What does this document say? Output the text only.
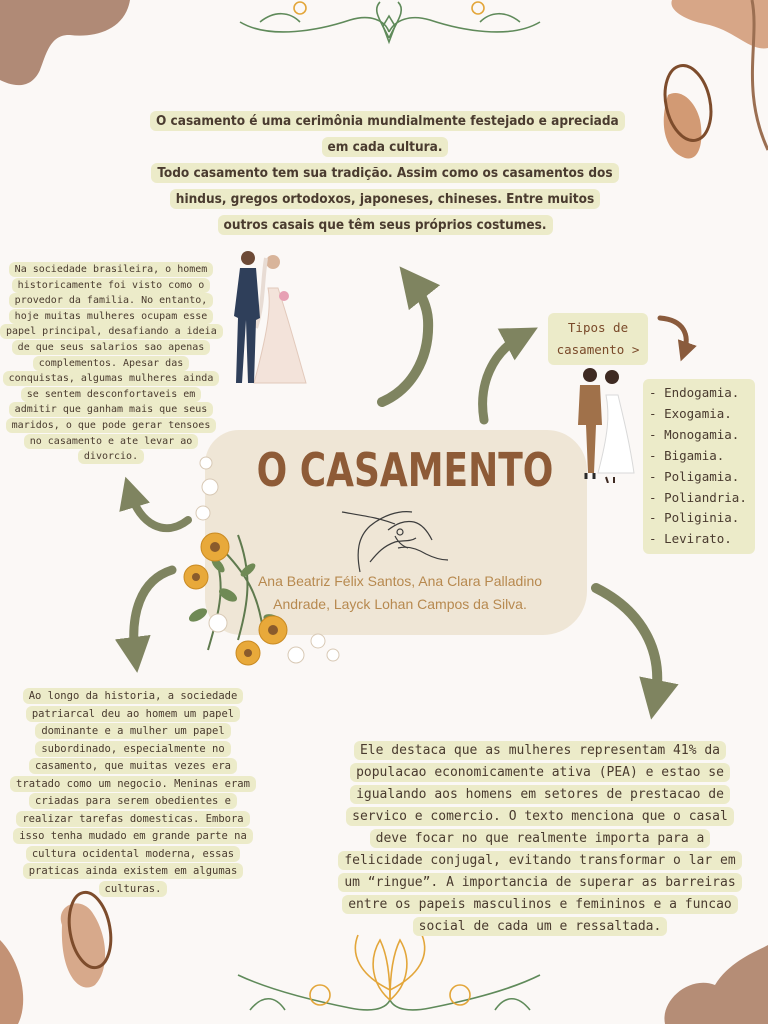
O casamento é uma cerimônia mundialmente festejado e apreciada em cada cultura.
Todo casamento tem sua tradição. Assim como os casamentos dos hindus, gregos ortodoxos, japoneses, chineses. Entre muitos outros casais que têm seus próprios costumes.
Na sociedade brasileira, o homem historicamente foi visto como o provedor da familia. No entanto, hoje muitas mulheres ocupam esse papel principal, desafiando a ideia de que seus salarios sao apenas complementos. Apesar das conquistas, algumas mulheres ainda se sentem desconfortaveis em admitir que ganham mais que seus maridos, o que pode gerar tensoes no casamento e ate levar ao divorcio.
Tipos de casamento >
- Endogamia.
- Exogamia.
- Monogamia.
- Bigamia.
- Poligamia.
- Poliandria.
- Poliginia.
- Levirato.
O CASAMENTO
Ana Beatriz Félix Santos, Ana Clara Palladino Andrade, Layck Lohan Campos da Silva.
Ao longo da historia, a sociedade patriarcal deu ao homem um papel dominante e a mulher um papel subordinado, especialmente no casamento, que muitas vezes era tratado como um negocio. Meninas eram criadas para serem obedientes e realizar tarefas domesticas. Embora isso tenha mudado em grande parte na cultura ocidental moderna, essas praticas ainda existem em algumas culturas.
Ele destaca que as mulheres representam 41% da populacao economicamente ativa (PEA) e estao se igualando aos homens em setores de prestacao de servico e comercio. O texto menciona que o casal deve focar no que realmente importa para a felicidade conjugal, evitando transformar o lar em um “ringue”. A importancia de superar as barreiras entre os papeis masculinos e femininos e a funcao social de cada um e ressaltada.
